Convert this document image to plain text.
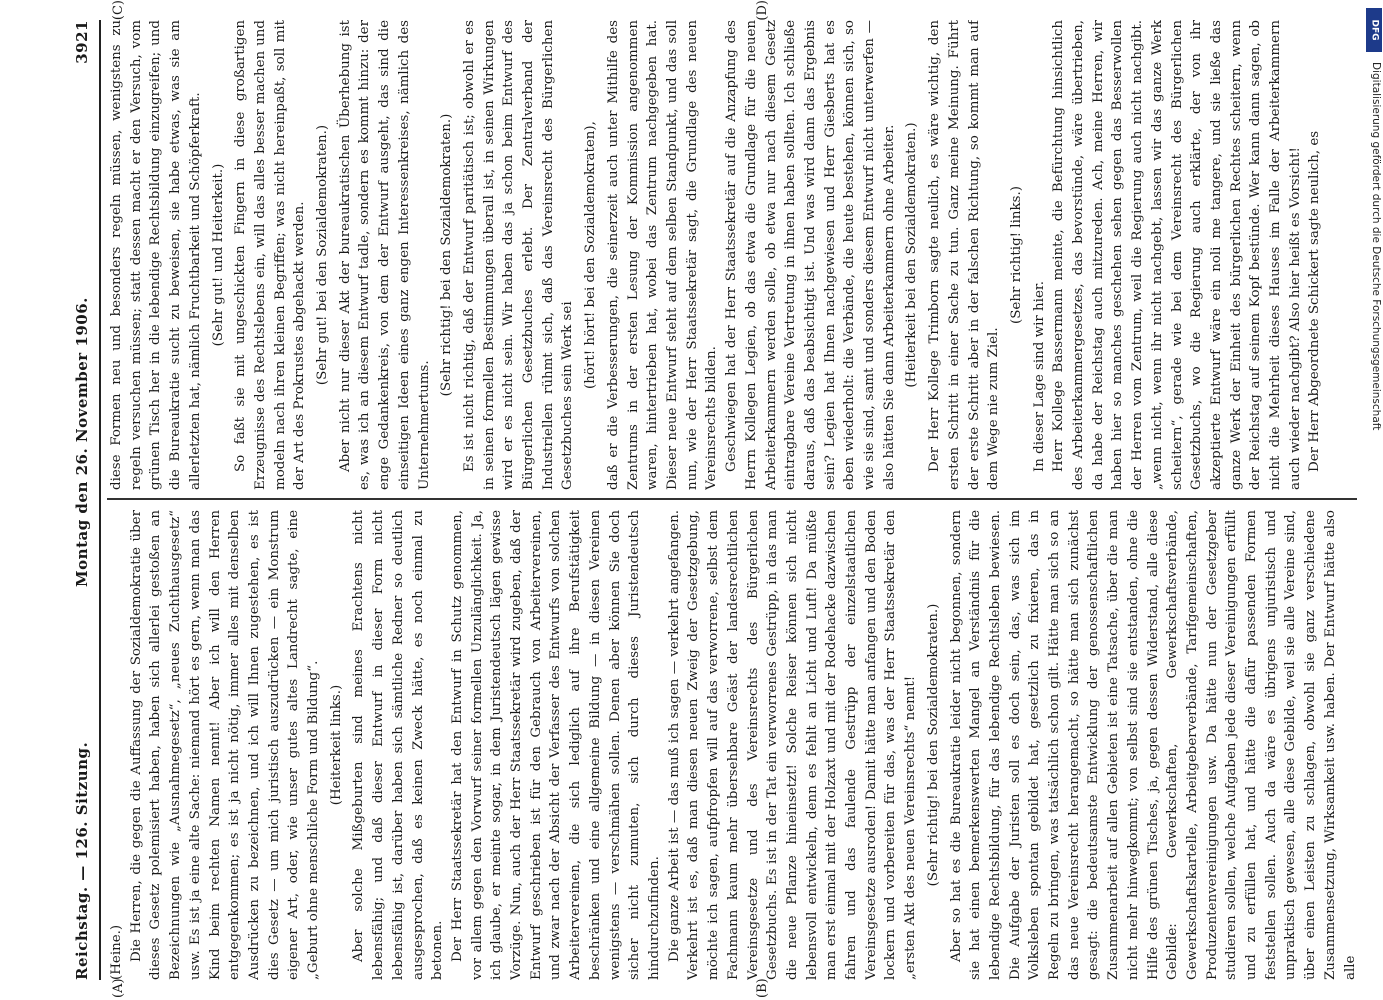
Reichstag. — 126. Sitzung.
Montag den 26. November 1906.
3921
(A)	(B)
(C)	(D)

(Heine.) Die Herren, die gegen die Auffassung der Sozialdemokratie über dieses Gesetz polemisiert haben, haben sich allerlei gestoßen an Bezeichnungen wie „Ausnahmegesetz“, „neues Zuchthausgesetz“ usw. Es ist ja eine alte Sache: niemand hört es gern, wenn man das Kind beim rechten Namen nennt! Aber ich will den Herren entgegenkommen; es ist ja nicht nötig, immer alles mit denselben Ausdrücken zu bezeichnen, und ich will Ihnen zugestehen, es ist dies Gesetz — um mich juristisch auszudrücken — ein Monstrum eigener Art, oder, wie unser gutes altes Landrecht sagte, eine „Geburt ohne menschliche Form und Bildung“. (Heiterkeit links.) Aber solche Mißgeburten sind meines Erachtens nicht lebensfähig; und daß dieser Entwurf in dieser Form nicht lebensfähig ist, darüber haben sich sämtliche Redner so deutlich ausgesprochen, daß es keinen Zweck hätte, es noch einmal zu betonen. Der Herr Staatssekretär hat den Entwurf in Schutz genommen, vor allem gegen den Vorwurf seiner formellen Unzulänglichkeit. Ja, ich glaube, er meinte sogar, in dem Juristendeutsch lägen gewisse Vorzüge. Nun, auch der Herr Staatssekretär wird zugeben, daß der Entwurf geschrieben ist für den Gebrauch von Arbeitervereinen, und zwar nach der Absicht der Verfasser des Entwurfs von solchen Arbeitervereinen, die sich lediglich auf ihre Berufstätigkeit beschränken und eine allgemeine Bildung — in diesen Vereinen wenigstens — verschmähen sollen. Denen aber können Sie doch sicher nicht zumuten, sich durch dieses Juristendeutsch hindurchzufinden. Die ganze Arbeit ist — das muß ich sagen — verkehrt angefangen. Verkehrt ist es, daß man diesen neuen Zweig der Gesetzgebung, möchte ich sagen, aufpfropfen will auf das verworrene, selbst dem Fachmann kaum mehr übersehbare Geäst der landesrechtlichen Vereinsgesetze und des Vereinsrechts des Bürgerlichen Gesetzbuchs. Es ist in der Tat ein verworrenes Gestrüpp, in das man die neue Pflanze hineinsetzt! Solche Reiser können sich nicht lebensvoll entwickeln, denn es fehlt an Licht und Luft! Da müßte man erst einmal mit der Holzaxt und mit der Rodehacke dazwischen fahren und das faulende Gestrüpp der einzelstaatlichen Vereinsgesetze ausroden! Damit hätte man anfangen und den Boden lockern und vorbereiten für das, was der Herr Staatssekretär den „ersten Akt des neuen Vereinsrechts“ nennt! (Sehr richtig! bei den Sozialdemokraten.) Aber so hat es die Bureaukratie leider nicht begonnen, sondern sie hat einen bemerkenswerten Mangel an Verständnis für die lebendige Rechtsbildung, für das lebendige Rechtsleben bewiesen. Die Aufgabe der Juristen soll es doch sein, das, was sich im Volksleben spontan gebildet hat, gesetzlich zu fixieren, das in Regeln zu bringen, was tatsächlich schon gilt. Hätte man sich so an das neue Vereinsrecht herangemacht, so hätte man sich zunächst gesagt: die bedeutsamste Entwicklung der genossenschaftlichen Zusammenarbeit auf allen Gebieten ist eine Tatsache, über die man nicht mehr hinwegkommt; von selbst sind sie entstanden, ohne die Hilfe des grünen Tisches, ja, gegen dessen Widerstand, alle diese Gebilde: Gewerkschaften, Gewerkschaftsverbände, Gewerkschaftskartelle, Arbeitgeberverbände, Tarifgemeinschaften, Produzentenvereinigungen usw. Da hätte nun der Gesetzgeber studieren sollen, welche Aufgaben jede dieser Vereinigungen erfüllt und zu erfüllen hat, und hätte die dafür passenden Formen feststellen sollen. Auch da wäre es übrigens unjuristisch und unpraktisch gewesen, alle diese Gebilde, weil sie alle Vereine sind, über einen Leisten zu schlagen, obwohl sie ganz verschiedene Zusammensetzung, Wirksamkeit usw. haben. Der Entwurf hätte also alle

diese Formen neu und besonders regeln müssen, wenigstens zu regeln versuchen müssen; statt dessen macht er den Versuch, vom grünen Tisch her in die lebendige Rechtsbildung einzugreifen; und die Bureaukratie sucht zu beweisen, sie habe etwas, was sie am allerletzten hat, nämlich Fruchtbarkeit und Schöpferkraft. (Sehr gut! und Heiterkeit.) So faßt sie mit ungeschickten Fingern in diese großartigen Erzeugnisse des Rechtslebens ein, will das alles besser machen und modeln nach ihren kleinen Begriffen; was nicht hereinpaßt, soll mit der Art des Prokrustes abgehackt werden. (Sehr gut! bei den Sozialdemokraten.) Aber nicht nur dieser Akt der bureaukratischen Überhebung ist es, was ich an diesem Entwurf tadle, sondern es kommt hinzu: der enge Gedankenkreis, von dem der Entwurf ausgeht, das sind die einseitigen Ideen eines ganz engen Interessenkreises, nämlich des Unternehmertums.

(Sehr richtig! bei den Sozialdemokraten.) Es ist nicht richtig, daß der Entwurf paritätisch ist; obwohl er es in seinen formellen Bestimmungen überall ist, in seinen Wirkungen wird er es nicht sein. Wir haben das ja schon beim Entwurf des Bürgerlichen Gesetzbuches erlebt. Der Zentralverband der Industriellen rühmt sich, daß das Vereinsrecht des Bürgerlichen Gesetzbuches sein Werk sei

(hört! hört! bei den Sozialdemokraten), daß er die Verbesserungen, die seinerzeit auch unter Mithilfe des Zentrums in der ersten Lesung der Kommission angenommen waren, hintertrieben hat, wobei das Zentrum nachgegeben hat. Dieser neue Entwurf steht auf dem selben Standpunkt, und das soll nun, wie der Herr Staatssekretär sagt, die Grundlage des neuen Vereinsrechts bilden. Geschwiegen hat der Herr Staatssekretär auf die Anzapfung des Herrn Kollegen Legien, ob das etwa die Grundlage für die neuen Arbeiterkammern werden solle, ob etwa nur nach diesem Gesetz eintragbare Vereine Vertretung in ihnen haben sollten. Ich schließe daraus, daß das beabsichtigt ist. Und was wird dann das Ergebnis sein? Legien hat Ihnen nachgewiesen und Herr Giesberts hat es eben wiederholt: die Verbände, die heute bestehen, können sich, so wie sie sind, samt und sonders diesem Entwurf nicht unterwerfen — also hätten Sie dann Arbeiterkammern ohne Arbeiter. (Heiterkeit bei den Sozialdemokraten.) Der Herr Kollege Trimborn sagte neulich, es wäre wichtig, den ersten Schritt in einer Sache zu tun. Ganz meine Meinung. Führt der erste Schritt aber in der falschen Richtung, so kommt man auf dem Wege nie zum Ziel.

(Sehr richtig! links.)

In dieser Lage sind wir hier. Herr Kollege Bassermann meinte, die Befürchtung hinsichtlich des Arbeiterkammergesetzes, das bevorstünde, wäre übertrieben, da habe der Reichstag auch mitzureden. Ach, meine Herren, wir haben hier so manches geschehen sehen gegen das Besserwollen der Herren vom Zentrum, weil die Regierung auch nicht nachgibt. „wenn nicht, wenn ihr nicht nachgebt, lassen wir das ganze Werk scheitern“, gerade wie bei dem Vereinsrecht des Bürgerlichen Gesetzbuchs, wo die Regierung auch erklärte, der von ihr akzeptierte Entwurf wäre ein noli me tangere, und sie ließe das ganze Werk der Einheit des bürgerlichen Rechtes scheitern, wenn der Reichstag auf seinem Kopf bestünde. Wer kann dann sagen, ob nicht die Mehrheit dieses Hauses im Falle der Arbeiterkammern auch wieder nachgibt? Also hier heißt es Vorsicht! Der Herr Abgeordnete Schickert sagte neulich, es

DFG
Digitalisierung gefördert durch die Deutsche Forschungsgemeinschaft
